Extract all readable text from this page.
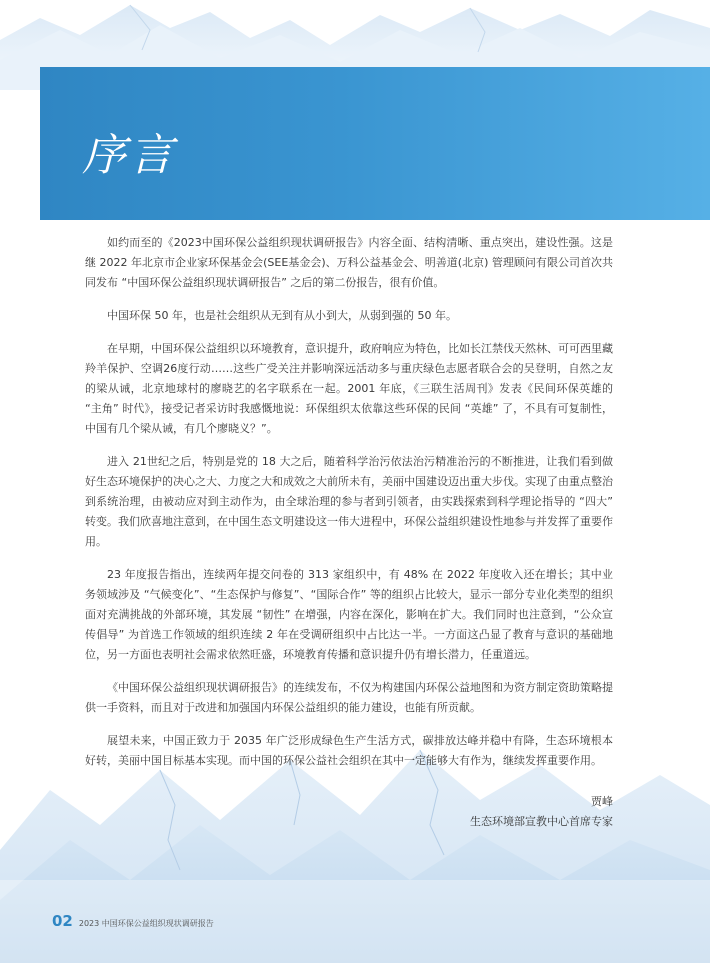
序言

如约而至的《2023中国环保公益组织现状调研报告》内容全面、结构清晰、重点突出，建设性强。这是继 2022 年北京市企业家环保基金会(SEE基金会)、万科公益基金会、明善道(北京) 管理顾问有限公司首次共同发布 “中国环保公益组织现状调研报告” 之后的第二份报告，很有价值。

中国环保 50 年，也是社会组织从无到有从小到大，从弱到强的 50 年。

在早期，中国环保公益组织以环境教育，意识提升，政府响应为特色，比如长江禁伐天然林、可可西里藏羚羊保护、空调26度行动……这些广受关注并影响深远活动多与重庆绿色志愿者联合会的吴登明，自然之友的梁从诫，北京地球村的廖晓艺的名字联系在一起。2001 年底，《三联生活周刊》发表《民间环保英雄的 “主角” 时代》，接受记者采访时我感慨地说：环保组织太依靠这些环保的民间 “英雄” 了，不具有可复制性，中国有几个梁从诫，有几个廖晓义？”。

进入 21世纪之后，特别是党的 18 大之后，随着科学治污依法治污精准治污的不断推进，让我们看到做好生态环境保护的决心之大、力度之大和成效之大前所未有，美丽中国建设迈出重大步伐。实现了由重点整治到系统治理，由被动应对到主动作为，由全球治理的参与者到引领者，由实践探索到科学理论指导的 “四大” 转变。我们欣喜地注意到，在中国生态文明建设这一伟大进程中，环保公益组织建设性地参与并发挥了重要作用。

23 年度报告指出，连续两年提交问卷的 313 家组织中，有 48% 在 2022 年度收入还在增长；其中业务领域涉及 “气候变化”、“生态保护与修复”、“国际合作” 等的组织占比较大，显示一部分专业化类型的组织面对充满挑战的外部环境，其发展 “韧性” 在增强，内容在深化，影响在扩大。我们同时也注意到，“公众宣传倡导” 为首选工作领域的组织连续 2 年在受调研组织中占比达一半。一方面这凸显了教育与意识的基础地位，另一方面也表明社会需求依然旺盛，环境教育传播和意识提升仍有增长潜力，任重道远。

《中国环保公益组织现状调研报告》的连续发布，不仅为构建国内环保公益地图和为资方制定资助策略提供一手资料，而且对于改进和加强国内环保公益组织的能力建设，也能有所贡献。

展望未来，中国正致力于 2035 年广泛形成绿色生产生活方式，碳排放达峰并稳中有降，生态环境根本好转，美丽中国目标基本实现。而中国的环保公益社会组织在其中一定能够大有作为，继续发挥重要作用。

贾峰
生态环境部宣教中心首席专家
02 2023 中国环保公益组织现状调研报告
